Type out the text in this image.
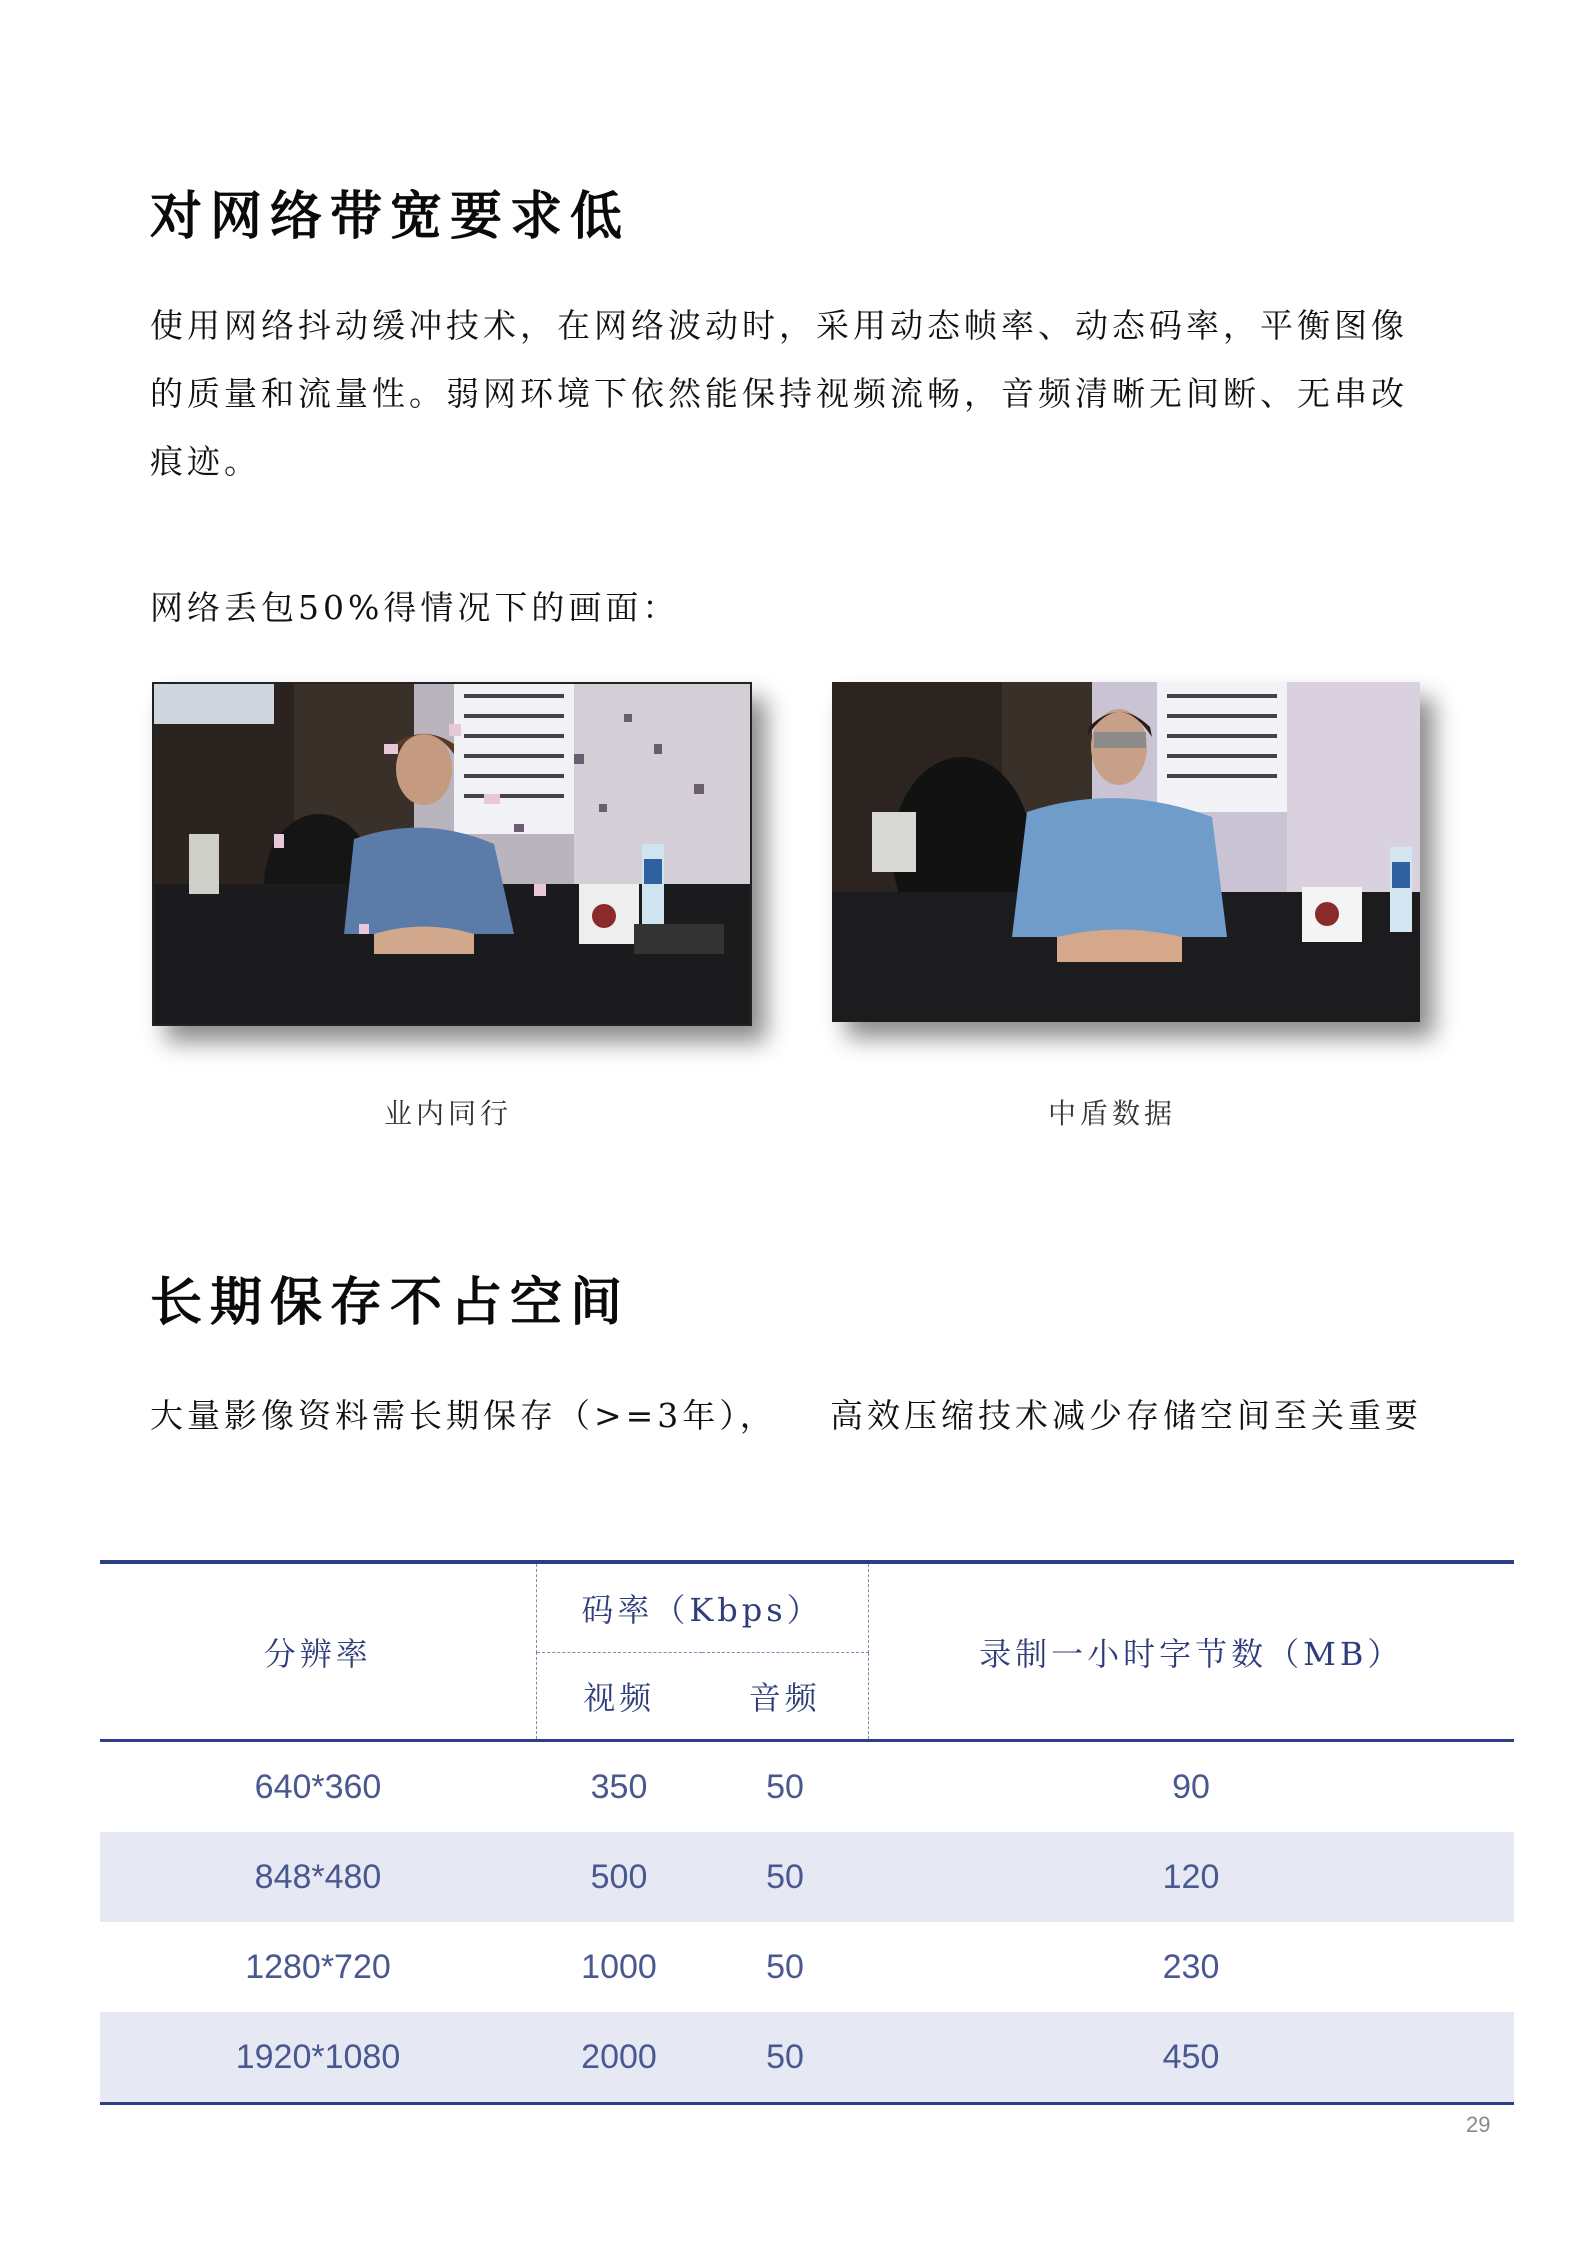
对网络带宽要求低
使用网络抖动缓冲技术，在网络波动时，采用动态帧率、动态码率，平衡图像的质量和流量性。弱网环境下依然能保持视频流畅，音频清晰无间断、无串改痕迹。
网络丢包50%得情况下的画面：
业内同行	中盾数据
长期保存不占空间
大量影像资料需长期保存（>=3年），	高效压缩技术减少存储空间至关重要
分辨率	码率（Kbps）		录制一小时字节数（MB）
	视频	音频	
640*360	350	50	90
848*480	500	50	120
1280*720	1000	50	230
1920*1080	2000	50	450
29
